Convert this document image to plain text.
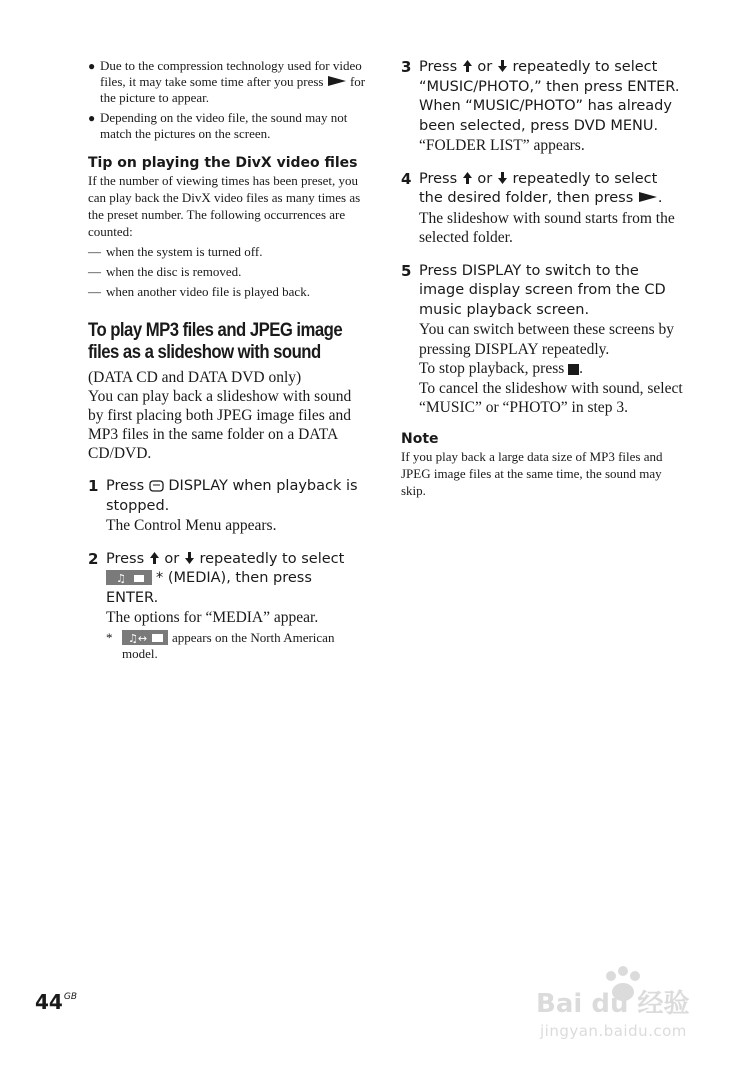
● Due to the compression technology used for video files, it may take some time after you press for the picture to appear.
● Depending on the video file, the sound may not match the pictures on the screen.
Tip on playing the DivX video files
If the number of viewing times has been preset, you can play back the DivX video files as many times as the preset number. The following occurrences are counted:
— when the system is turned off.
— when the disc is removed.
— when another video file is played back.
To play MP3 files and JPEG image files as a slideshow with sound
(DATA CD and DATA DVD only)
You can play back a slideshow with sound by first placing both JPEG image files and MP3 files in the same folder on a DATA CD/DVD.
1 Press DISPLAY when playback is stopped.
The Control Menu appears.
2 Press or repeatedly to select
♫ * (MEDIA), then press ENTER.
The options for “MEDIA” appear.
*	♫↔ appears on the North American model.
3 Press or repeatedly to select “MUSIC/PHOTO,” then press ENTER. When “MUSIC/PHOTO” has already been selected, press DVD MENU.
“FOLDER LIST” appears.
4 Press or repeatedly to select the desired folder, then press .
The slideshow with sound starts from the selected folder.
5 Press DISPLAY to switch to the image display screen from the CD music playback screen.
You can switch between these screens by pressing DISPLAY repeatedly.
To stop playback, press .
To cancel the slideshow with sound, select “MUSIC” or “PHOTO” in step 3.
Note
If you play back a large data size of MP3 files and JPEG image files at the same time, the sound may skip.
$44^{GB}$	Bai du 经验
jingyan.baidu.com
